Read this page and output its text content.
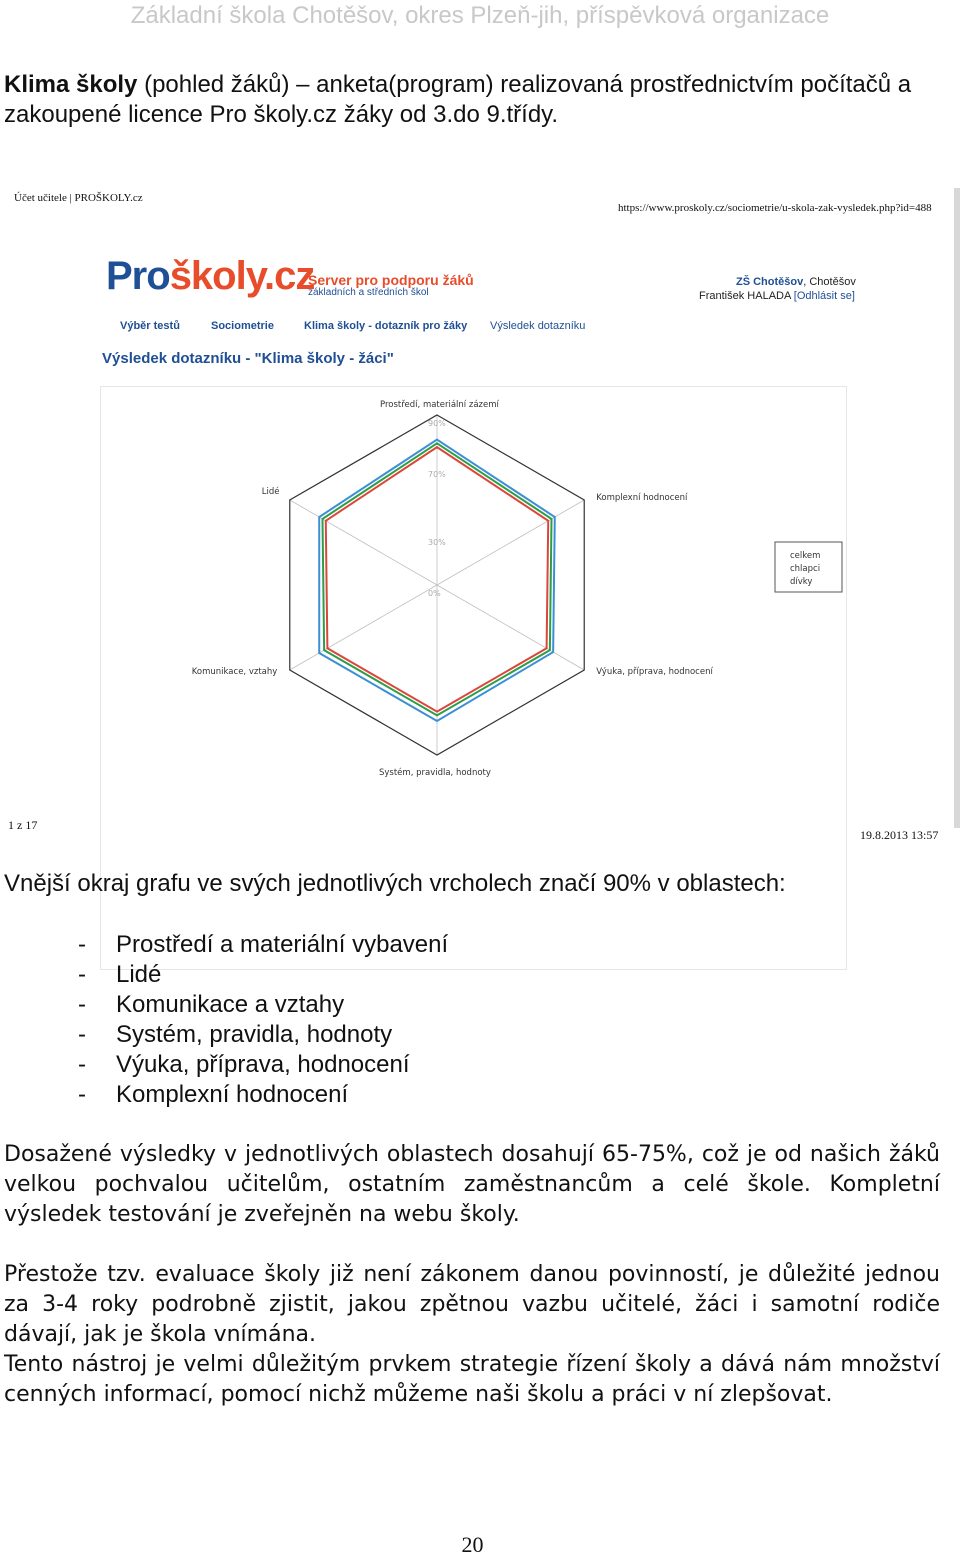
Základní škola Chotěšov, okres Plzeň-jih, příspěvková organizace
Klima školy (pohled žáků) – anketa(program) realizovaná prostřednictvím počítačů a zakoupené licence Pro školy.cz žáky od 3.do 9.třídy.
Účet učitele | PROŠKOLY.cz
https://www.proskoly.cz/sociometrie/u-skola-zak-vysledek.php?id=488
Proškoly.cz
Server pro podporu žáků
základních a středních škol
ZŠ Chotěšov, Chotěšov
František HALADA [Odhlásit se]
Výběr testů	Sociometrie	Klima školy - dotazník pro žáky Výsledek dotazníku
Výsledek dotazníku - "Klima školy - žáci"
1 z 17
19.8.2013 13:57
90%
70%
30%
0%
Prostředí, materiální zázemí
Komplexní hodnocení
Výuka, příprava, hodnocení
Systém, pravidla, hodnoty
Komunikace, vztahy
Lidé
celkem
chlapci
dívky
Vnější okraj grafu ve svých jednotlivých vrcholech značí 90% v oblastech:
- Prostředí a materiální vybavení
- Lidé
- Komunikace a vztahy
- Systém, pravidla, hodnoty
- Výuka, příprava, hodnocení
- Komplexní hodnocení
Dosažené výsledky v jednotlivých oblastech dosahují 65-75%, což je od našich žáků velkou pochvalou učitelům, ostatním zaměstnancům a celé škole. Kompletní výsledek testování je zveřejněn na webu školy.
Přestože tzv. evaluace školy již není zákonem danou povinností, je důležité jednou za 3-4 roky podrobně zjistit, jakou zpětnou vazbu učitelé, žáci i samotní rodiče dávají, jak je škola vnímána.
Tento nástroj je velmi důležitým prvkem strategie řízení školy a dává nám množství cenných informací, pomocí nichž můžeme naši školu a práci v ní zlepšovat.
20
